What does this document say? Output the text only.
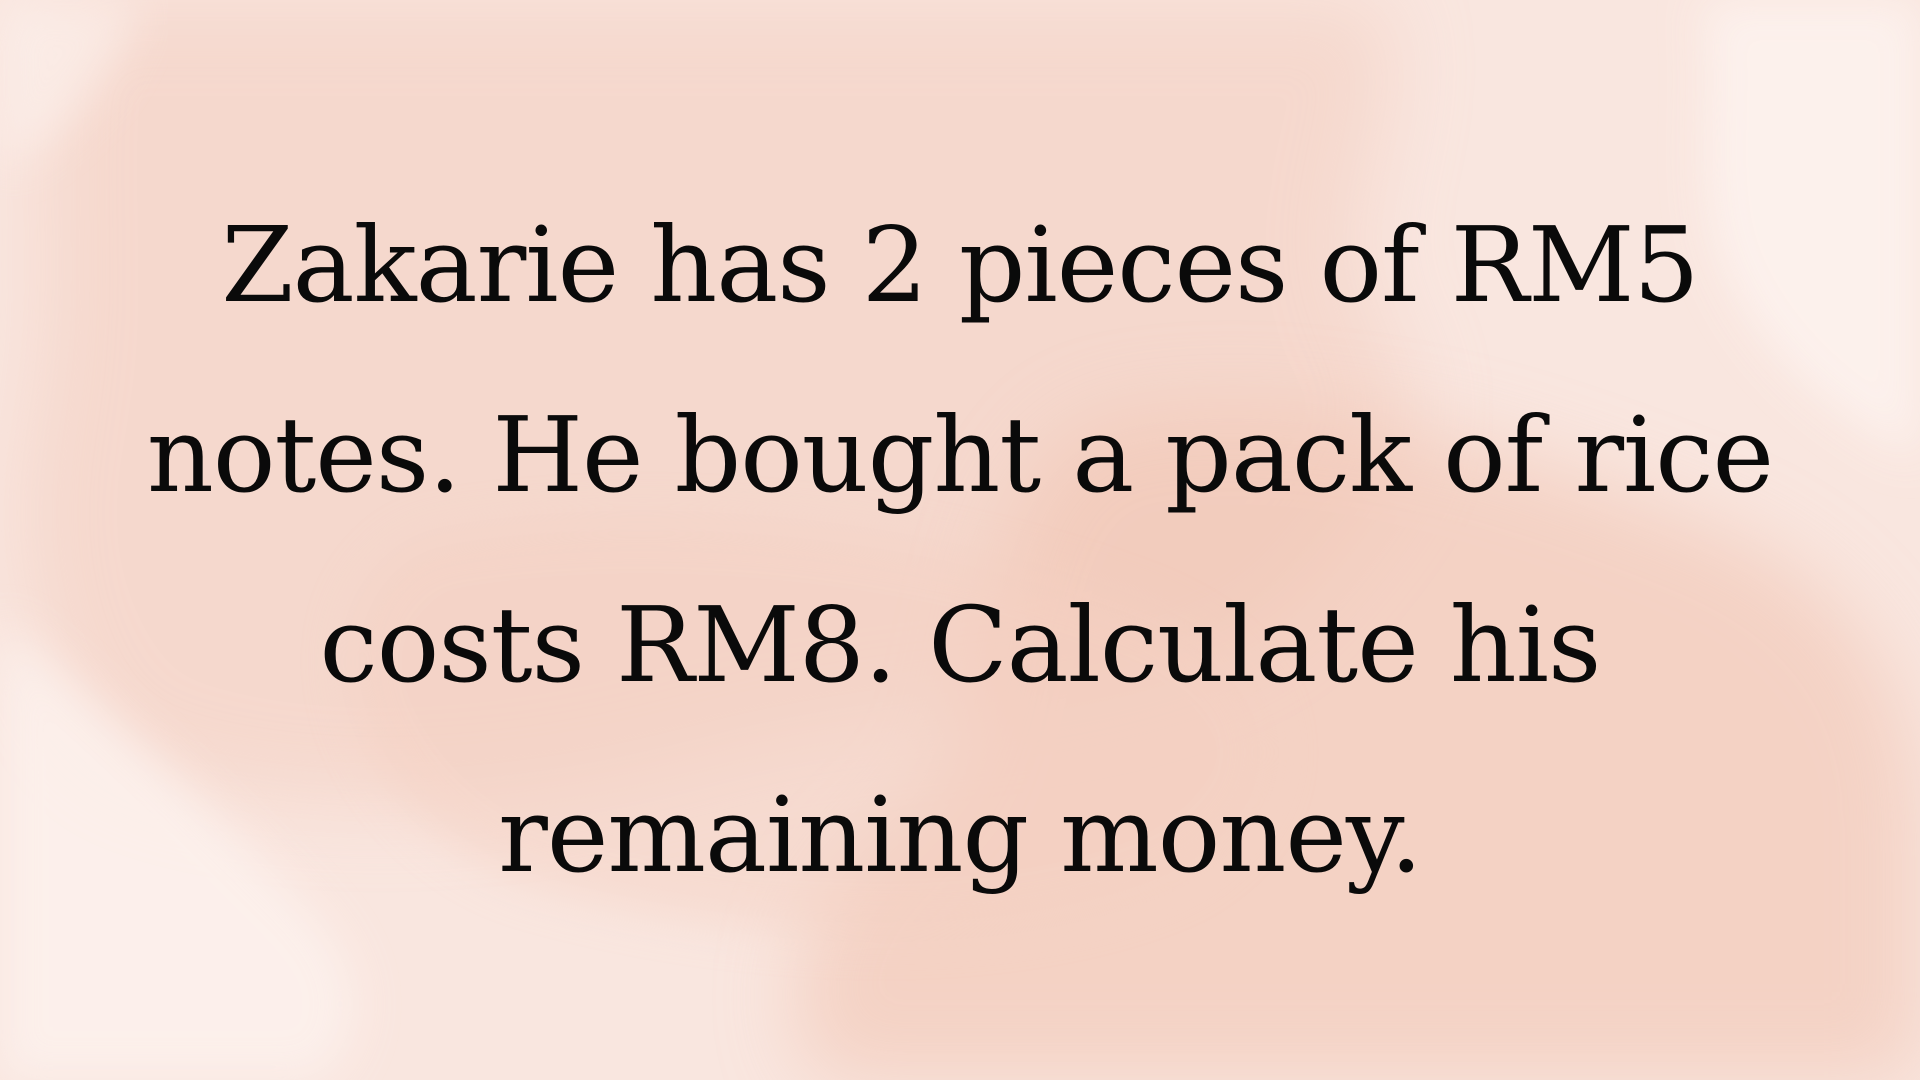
Zakarie has 2 pieces of RM5
notes. He bought a pack of rice
costs RM8. Calculate his
remaining money.
